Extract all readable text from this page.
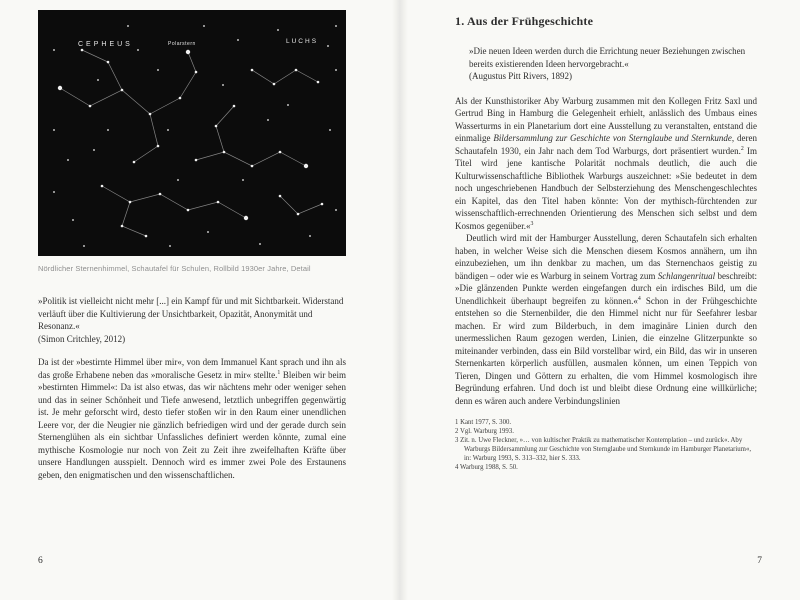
CEPHEUS	Polarstern	LUCHS
Nördlicher Sternenhimmel, Schautafel für Schulen, Rollbild 1930er Jahre, Detail
»Politik ist vielleicht nicht mehr [...] ein Kampf für und mit Sichtbarkeit. Widerstand verläuft über die Kultivierung der Unsichtbarkeit, Opazität, Anonymität und Resonanz.«
(Simon Critchley, 2012)

Da ist der »bestirnte Himmel über mir«, von dem Immanuel Kant sprach und ihn als das große Erhabene neben das »moralische Gesetz in mir« stellte.$^1$ Bleiben wir beim »bestirnten Himmel«: Da ist also etwas, das wir nächtens mehr oder weniger sehen und das in seiner Schönheit und Tiefe anwesend, letztlich unbegriffen gegenwärtig ist. Je mehr geforscht wird, desto tiefer stoßen wir in den Raum einer unendlichen Leere vor, der die Neugier nie gänzlich befriedigen wird und der gerade durch sein Sternenglühen als ein sichtbar Unfassliches definiert werden könnte, zumal eine mythische Kosmologie nur noch von Zeit zu Zeit ihre zweifelhaften Kräfte über unsere Handlungen ausspielt. Dennoch wird es immer zwei Pole des Erstaunens geben, den enigmatischen und den wissenschaftlichen.

1. Aus der Frühgeschichte
»Die neuen Ideen werden durch die Errichtung neuer Beziehungen zwischen bereits existierenden Ideen hervorgebracht.«
(Augustus Pitt Rivers, 1892)

Als der Kunsthistoriker Aby Warburg zusammen mit den Kollegen Fritz Saxl und Gertrud Bing in Hamburg die Gelegenheit erhielt, anlässlich des Umbaus eines Wasserturms in ein Planetarium dort eine Ausstellung zu veranstalten, entstand die einmalige Bildersammlung zur Geschichte von Sternglaube und Sternkunde, deren Schautafeln 1930, ein Jahr nach dem Tod Warburgs, dort präsentiert wurden.$^2$ Im Titel wird jene kantische Polarität nochmals deutlich, die auch die Kulturwissenschaftliche Bibliothek Warburgs auszeichnet: »Sie bedeutet in dem noch ungeschriebenen Handbuch der Selbsterziehung des Menschengeschlechtes ein Kapitel, das den Titel haben könnte: Von der mythisch-fürchtenden zur wissenschaftlich-errechnenden Orientierung des Menschen sich selbst und dem Kosmos gegenüber.«$^3$

Deutlich wird mit der Hamburger Ausstellung, deren Schautafeln sich erhalten haben, in welcher Weise sich die Menschen diesem Kosmos annähern, um ihn einzubeziehen, um ihn denkbar zu machen, um das Sternenchaos geistig zu bändigen – oder wie es Warburg in seinem Vortrag zum Schlangenritual beschreibt: »Die glänzenden Punkte werden eingefangen durch ein irdisches Bild, um die Unendlichkeit überhaupt begreifen zu können.«$^4$ Schon in der Frühgeschichte entstehen so die Sternenbilder, die den Himmel nicht nur für Seefahrer lesbar machen. Er wird zum Bilderbuch, in dem imaginäre Linien durch den unermesslichen Raum gezogen werden, Linien, die einzelne Glitzerpunkte so miteinander verbinden, dass ein Bild vorstellbar wird, ein Bild, das wir in unseren Sternenkarten körperlich ausfüllen, ausmalen können, um einen Teppich von Tieren, Dingen und Göttern zu erhalten, die vom Himmel kosmologisch ihre Begründung erfahren. Und doch ist und bleibt diese Ordnung eine willkürliche; denn es wären auch andere Verbindungslinien

1 Kant 1977, S. 300.
2 Vgl. Warburg 1993.
3 Zit. n. Uwe Fleckner, »… von kultischer Praktik zu mathematischer Kontemplation – und zurück«. Aby Warburgs Bildersammlung zur Geschichte von Sternglaube und Sternkunde im Hamburger Planetarium«, in: Warburg 1993, S. 313–332, hier S. 333.
4 Warburg 1988, S. 50.
6	7
